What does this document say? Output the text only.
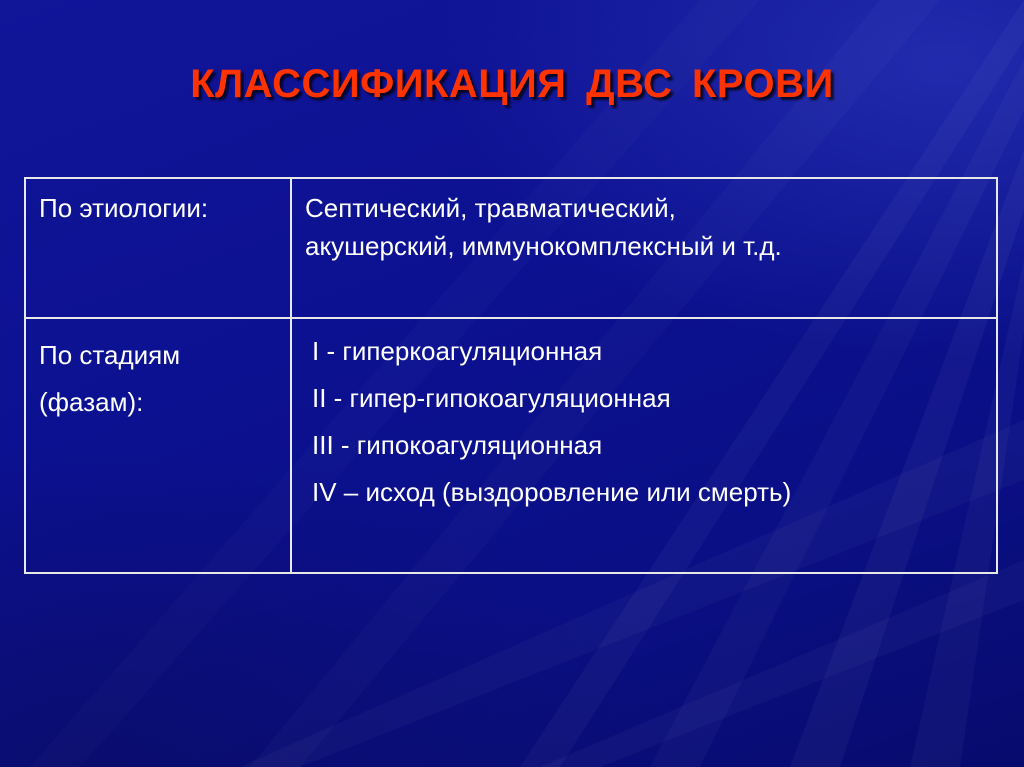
КЛАССИФИКАЦИЯ ДВС КРОВИ
По этиологии:	Септический, травматический,
акушерский, иммунокомплексный и т.д.

По стадиям
(фазам):	I - гиперкоагуляционная
II - гипер-гипокоагуляционная
III - гипокоагуляционная
IV – исход (выздоровление или смерть)
